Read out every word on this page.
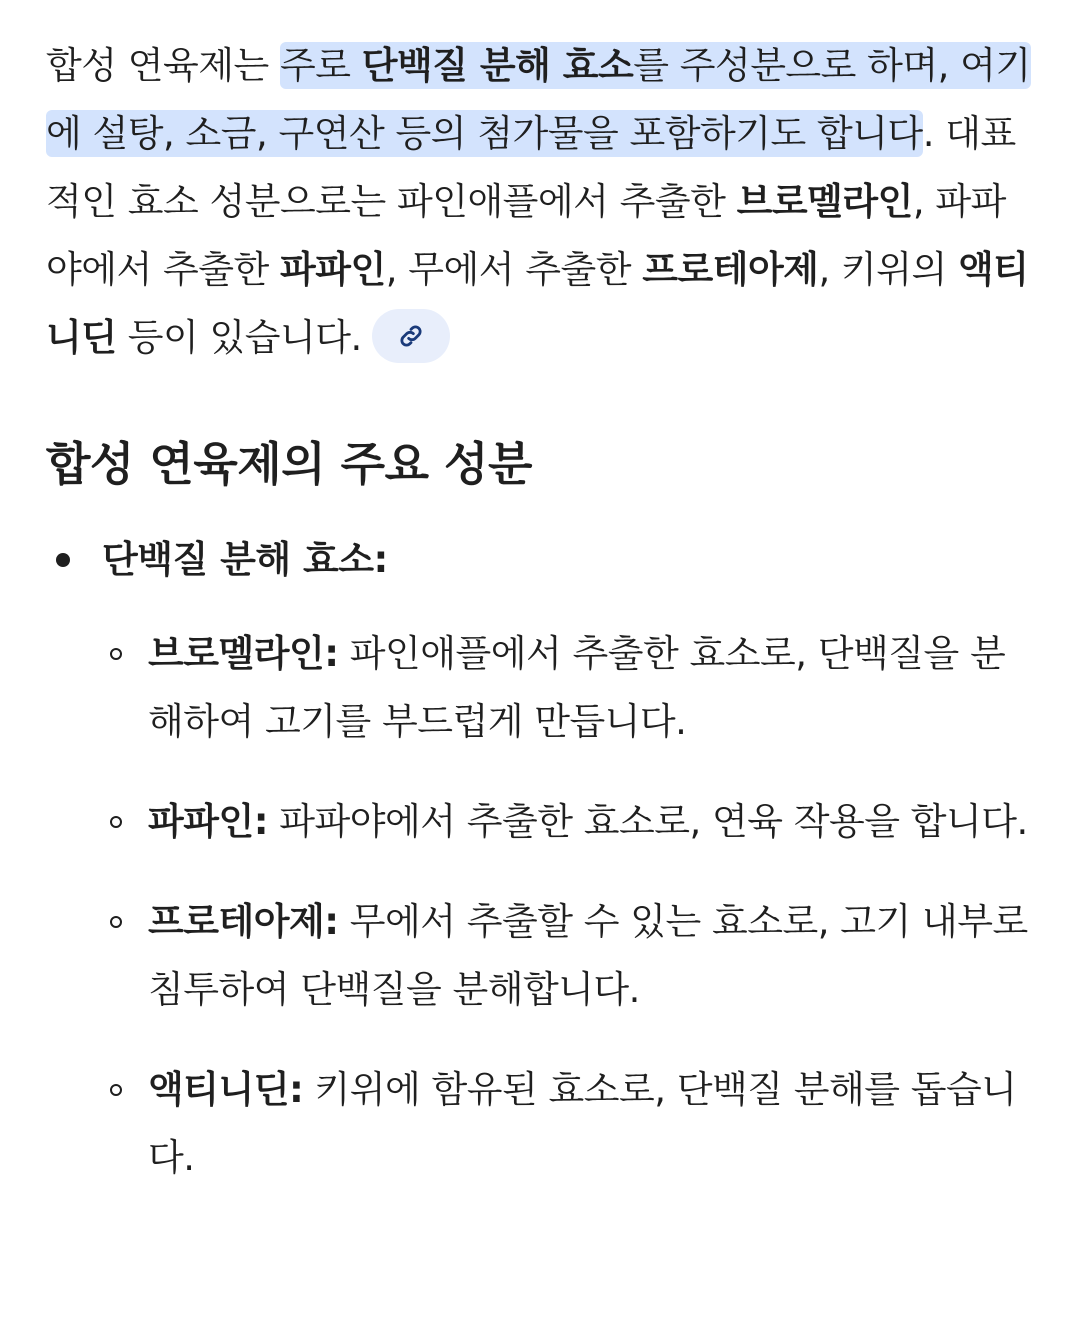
합성 연육제는 주로 단백질 분해 효소를 주성분으로 하며, 여기에 설탕, 소금, 구연산 등의 첨가물을 포함하기도 합니다. 대표적인 효소 성분으로는 파인애플에서 추출한 브로멜라인, 파파야에서 추출한 파파인, 무에서 추출한 프로테아제, 키위의 액티니딘 등이 있습니다.

합성 연육제의 주요 성분
단백질 분해 효소:
브로멜라인: 파인애플에서 추출한 효소로, 단백질을 분해하여 고기를 부드럽게 만듭니다.
파파인: 파파야에서 추출한 효소로, 연육 작용을 합니다.
프로테아제: 무에서 추출할 수 있는 효소로, 고기 내부로 침투하여 단백질을 분해합니다.
액티니딘: 키위에 함유된 효소로, 단백질 분해를 돕습니다.
